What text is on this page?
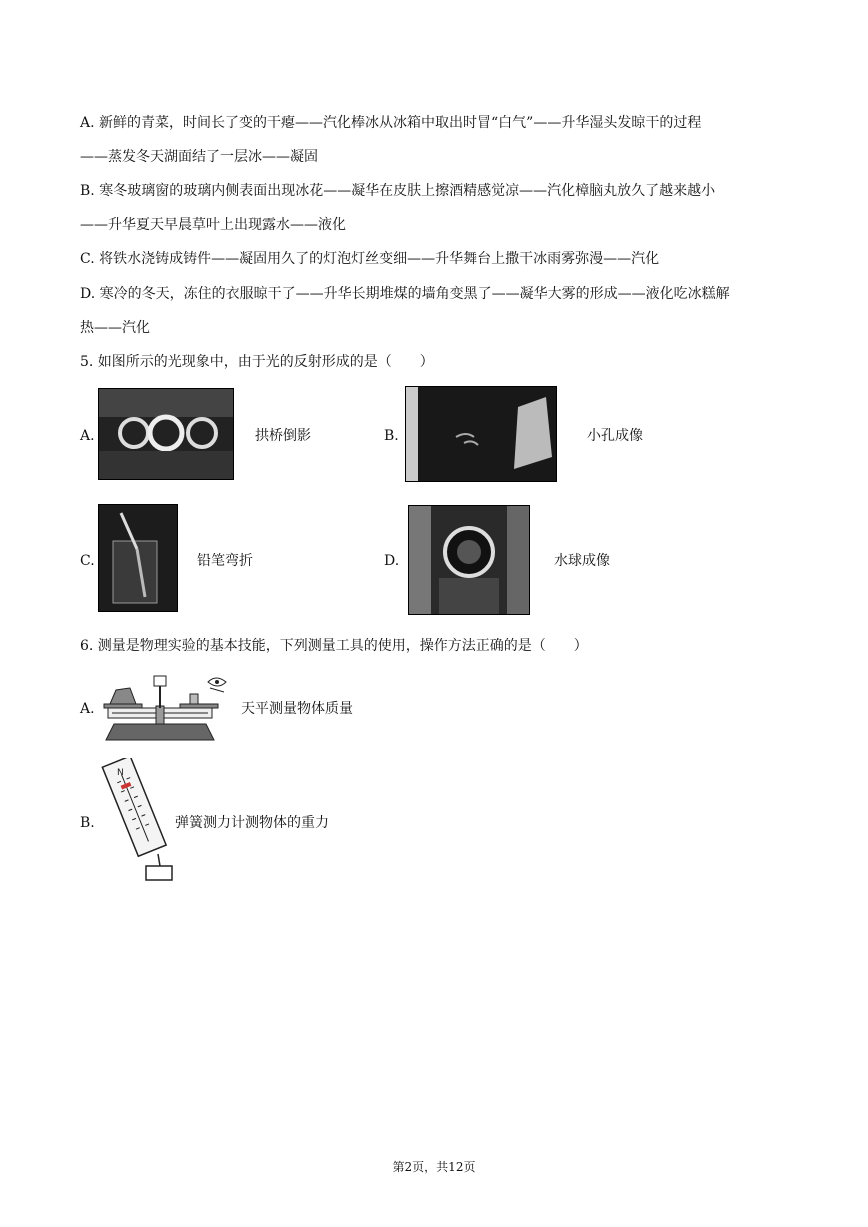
A. 新鲜的青菜，时间长了变的干瘪——汽化棒冰从冰箱中取出时冒“白气”——升华湿头发晾干的过程
——蒸发冬天湖面结了一层冰——凝固
B. 寒冬玻璃窗的玻璃内侧表面出现冰花——凝华在皮肤上擦酒精感觉凉——汽化樟脑丸放久了越来越小
——升华夏天早晨草叶上出现露水——液化
C. 将铁水浇铸成铸件——凝固用久了的灯泡灯丝变细——升华舞台上撒干冰雨雾弥漫——汽化
D. 寒冷的冬天，冻住的衣服晾干了——升华长期堆煤的墙角变黑了——凝华大雾的形成——液化吃冰糕解
热——汽化
5. 如图所示的光现象中，由于光的反射形成的是（　　）
A.	拱桥倒影	B.	小孔成像
C.	铅笔弯折	D.	水球成像
6. 测量是物理实验的基本技能，下列测量工具的使用，操作方法正确的是（　　）
A.	天平测量物体质量
B.
N
弹簧测力计测物体的重力
第2页，共12页
